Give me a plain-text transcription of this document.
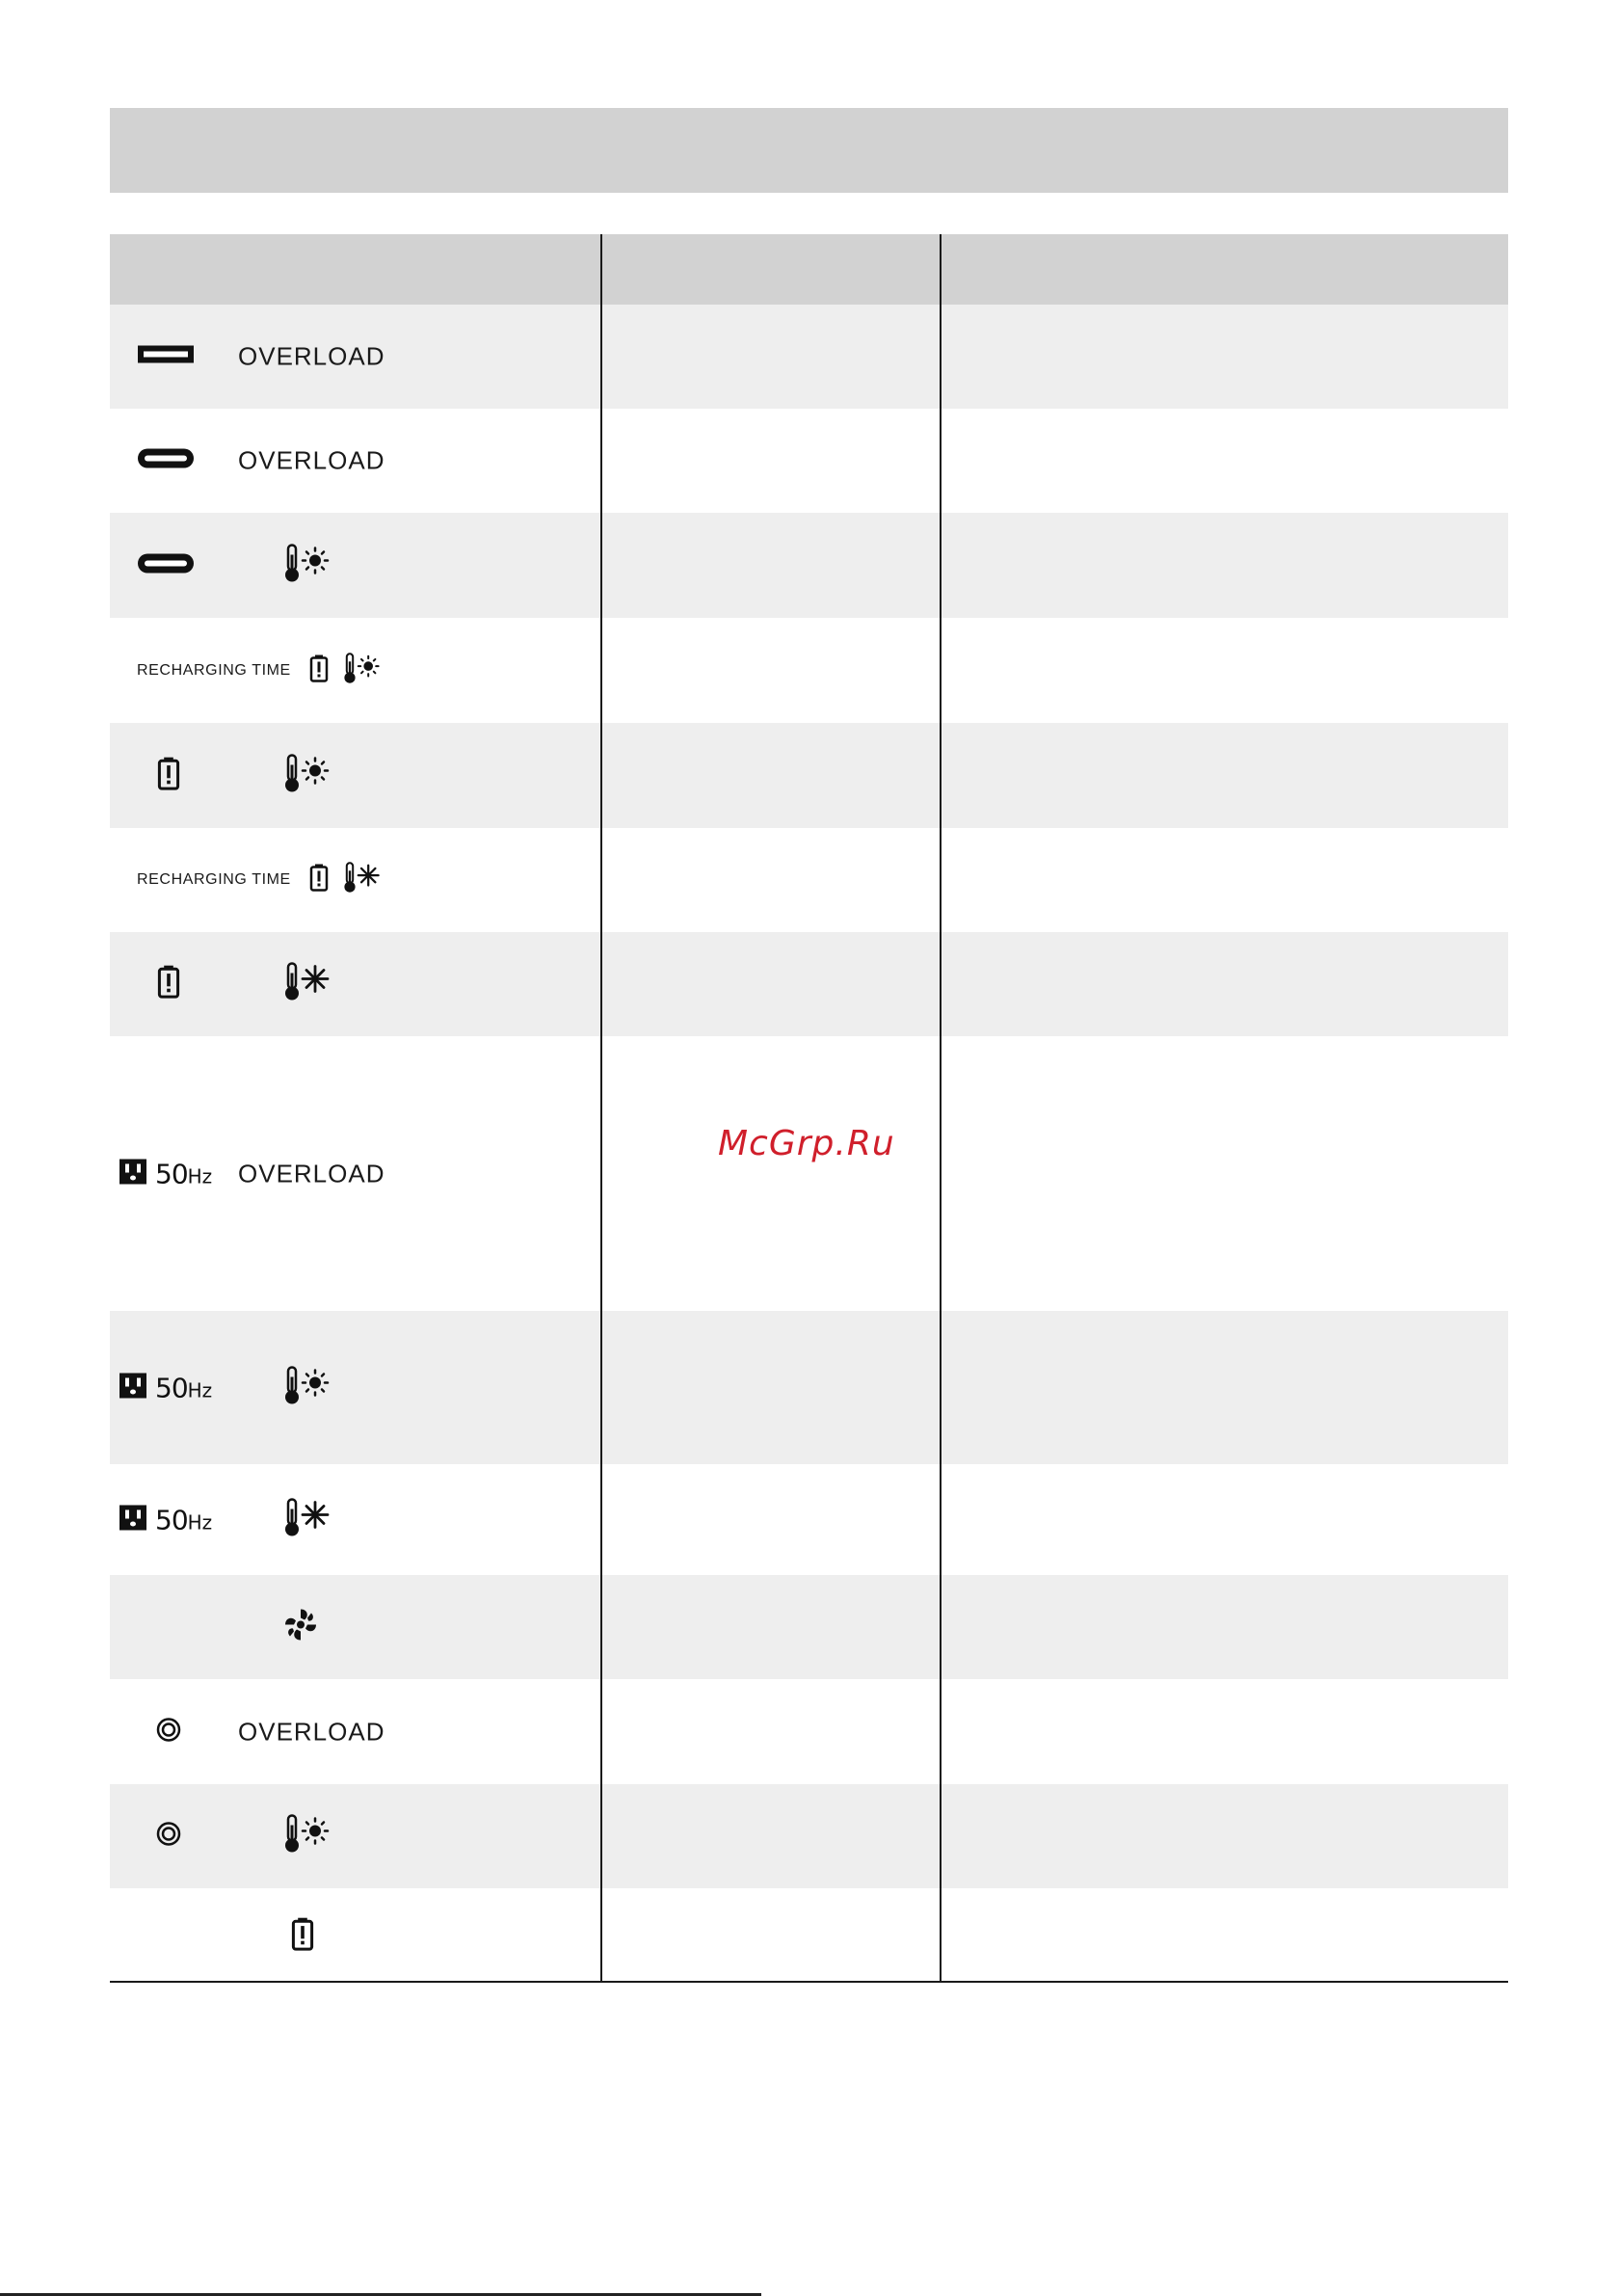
OVERLOAD
OVERLOAD
RECHARGING TIME
RECHARGING TIME
50Hz OVERLOAD
50Hz
50Hz
OVERLOAD
McGrp.Ru
